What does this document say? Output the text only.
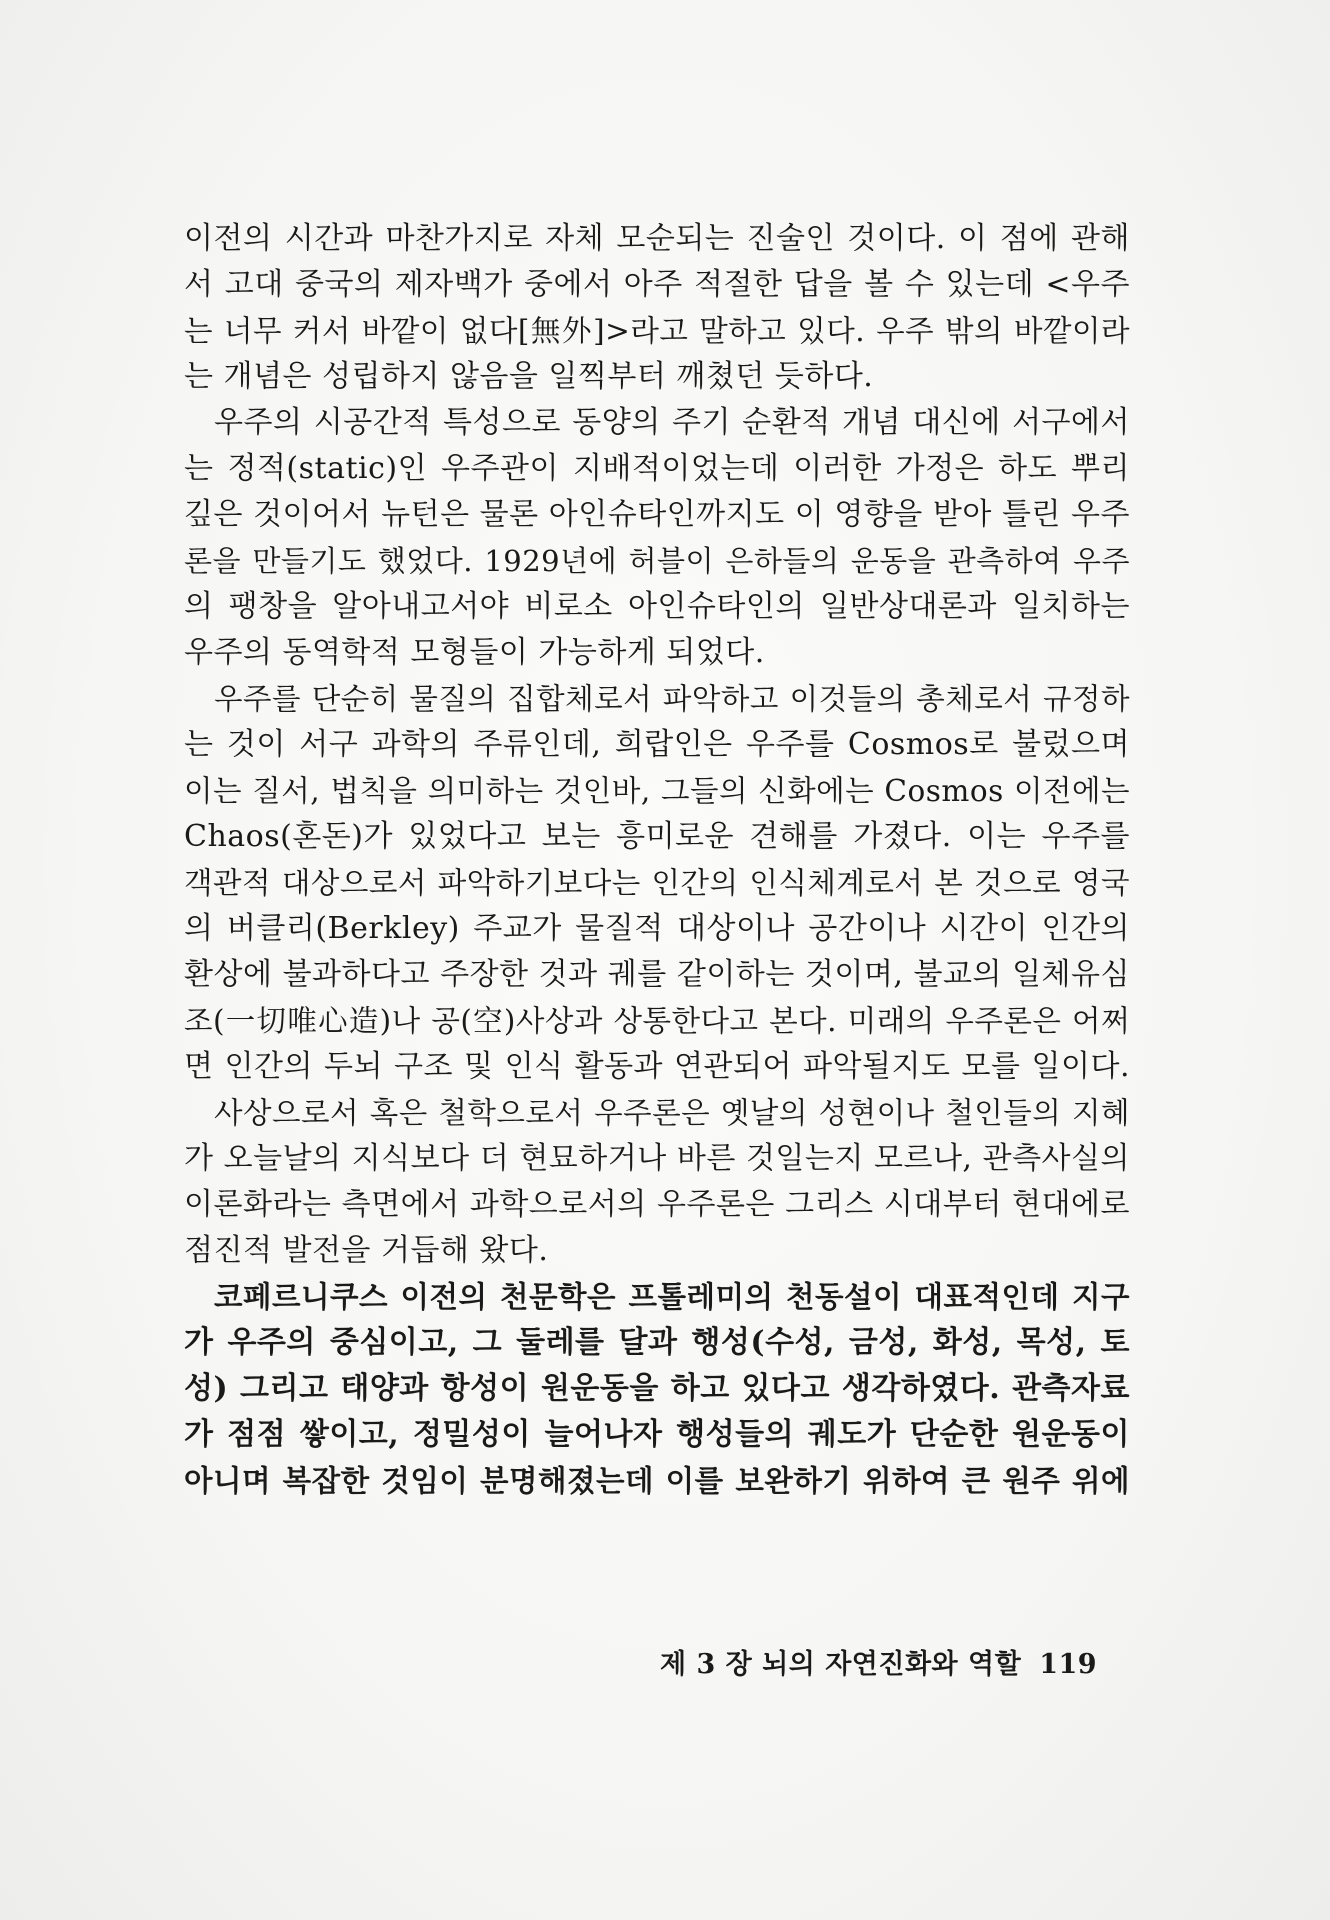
이전의 시간과 마찬가지로 자체 모순되는 진술인 것이다. 이 점에 관해
서 고대 중국의 제자백가 중에서 아주 적절한 답을 볼 수 있는데 <우주
는 너무 커서 바깥이 없다[無外]>라고 말하고 있다. 우주 밖의 바깥이라
는 개념은 성립하지 않음을 일찍부터 깨쳤던 듯하다.
우주의 시공간적 특성으로 동양의 주기 순환적 개념 대신에 서구에서
는 정적(static)인 우주관이 지배적이었는데 이러한 가정은 하도 뿌리
깊은 것이어서 뉴턴은 물론 아인슈타인까지도 이 영향을 받아 틀린 우주
론을 만들기도 했었다. 1929년에 허블이 은하들의 운동을 관측하여 우주
의 팽창을 알아내고서야 비로소 아인슈타인의 일반상대론과 일치하는
우주의 동역학적 모형들이 가능하게 되었다.
우주를 단순히 물질의 집합체로서 파악하고 이것들의 총체로서 규정하
는 것이 서구 과학의 주류인데, 희랍인은 우주를 Cosmos로 불렀으며
이는 질서, 법칙을 의미하는 것인바, 그들의 신화에는 Cosmos 이전에는
Chaos(혼돈)가 있었다고 보는 흥미로운 견해를 가졌다. 이는 우주를
객관적 대상으로서 파악하기보다는 인간의 인식체계로서 본 것으로 영국
의 버클리(Berkley) 주교가 물질적 대상이나 공간이나 시간이 인간의
환상에 불과하다고 주장한 것과 궤를 같이하는 것이며, 불교의 일체유심
조(一切唯心造)나 공(空)사상과 상통한다고 본다. 미래의 우주론은 어쩌
면 인간의 두뇌 구조 및 인식 활동과 연관되어 파악될지도 모를 일이다.
사상으로서 혹은 철학으로서 우주론은 옛날의 성현이나 철인들의 지혜
가 오늘날의 지식보다 더 현묘하거나 바른 것일는지 모르나, 관측사실의
이론화라는 측면에서 과학으로서의 우주론은 그리스 시대부터 현대에로
점진적 발전을 거듭해 왔다.
코페르니쿠스 이전의 천문학은 프톨레미의 천동설이 대표적인데 지구
가 우주의 중심이고, 그 둘레를 달과 행성(수성, 금성, 화성, 목성, 토
성) 그리고 태양과 항성이 원운동을 하고 있다고 생각하였다. 관측자료
가 점점 쌓이고, 정밀성이 늘어나자 행성들의 궤도가 단순한 원운동이
아니며 복잡한 것임이 분명해졌는데 이를 보완하기 위하여 큰 원주 위에
제 3 장 뇌의 자연진화와 역할 119
